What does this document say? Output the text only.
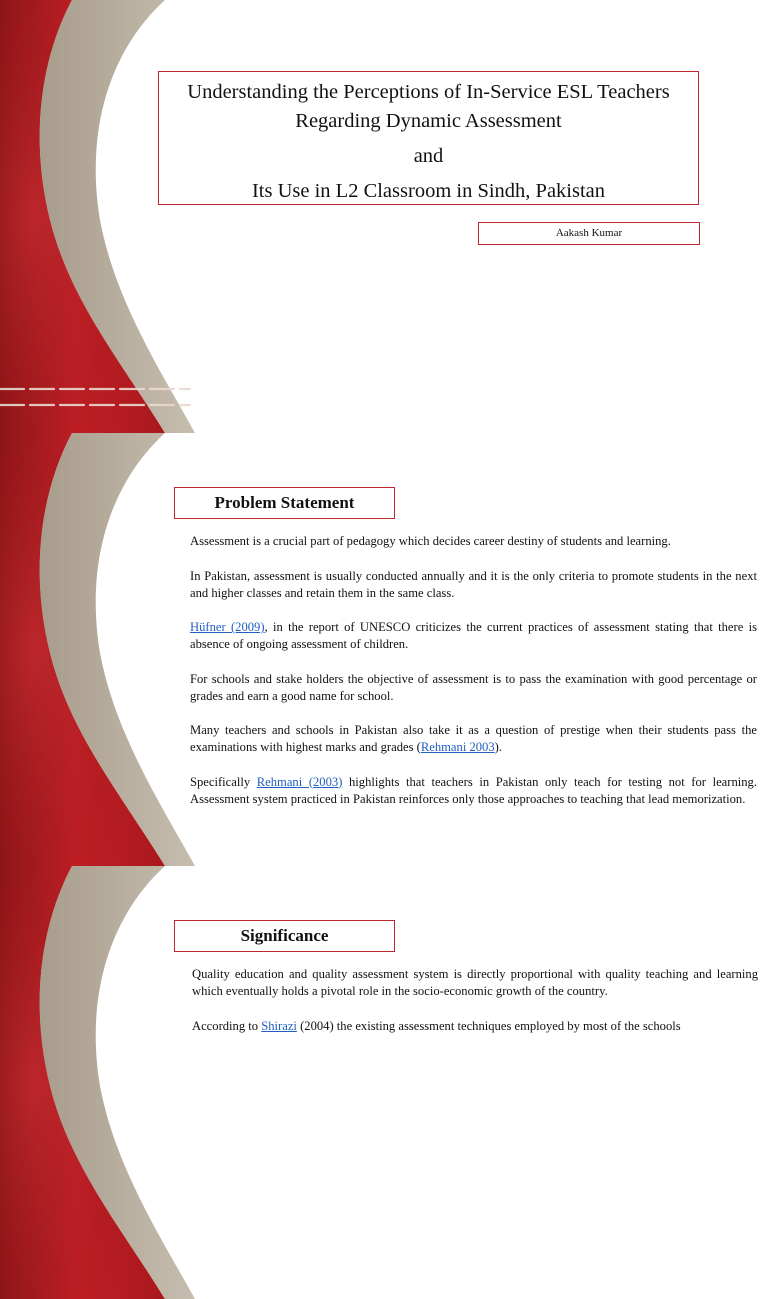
Understanding the Perceptions of In-Service ESL Teachers
Regarding Dynamic Assessment
and
Its Use in L2 Classroom in Sindh, Pakistan
Aakash Kumar
Problem Statement

Assessment is a crucial part of pedagogy which decides career destiny of students and learning.

In Pakistan, assessment is usually conducted annually and it is the only criteria to promote students in the next and higher classes and retain them in the same class.

Hüfner (2009), in the report of UNESCO criticizes the current practices of assessment stating that there is absence of ongoing assessment of children.

For schools and stake holders the objective of assessment is to pass the examination with good percentage or grades and earn a good name for school.

Many teachers and schools in Pakistan also take it as a question of prestige when their students pass the examinations with highest marks and grades (Rehmani 2003).

Specifically Rehmani (2003) highlights that teachers in Pakistan only teach for testing not for learning. Assessment system practiced in Pakistan reinforces only those approaches to teaching that lead memorization.

Significance

Quality education and quality assessment system is directly proportional with quality teaching and learning which eventually holds a pivotal role in the socio-economic growth of the country.

According to Shirazi (2004) the existing assessment techniques employed by most of the schools
